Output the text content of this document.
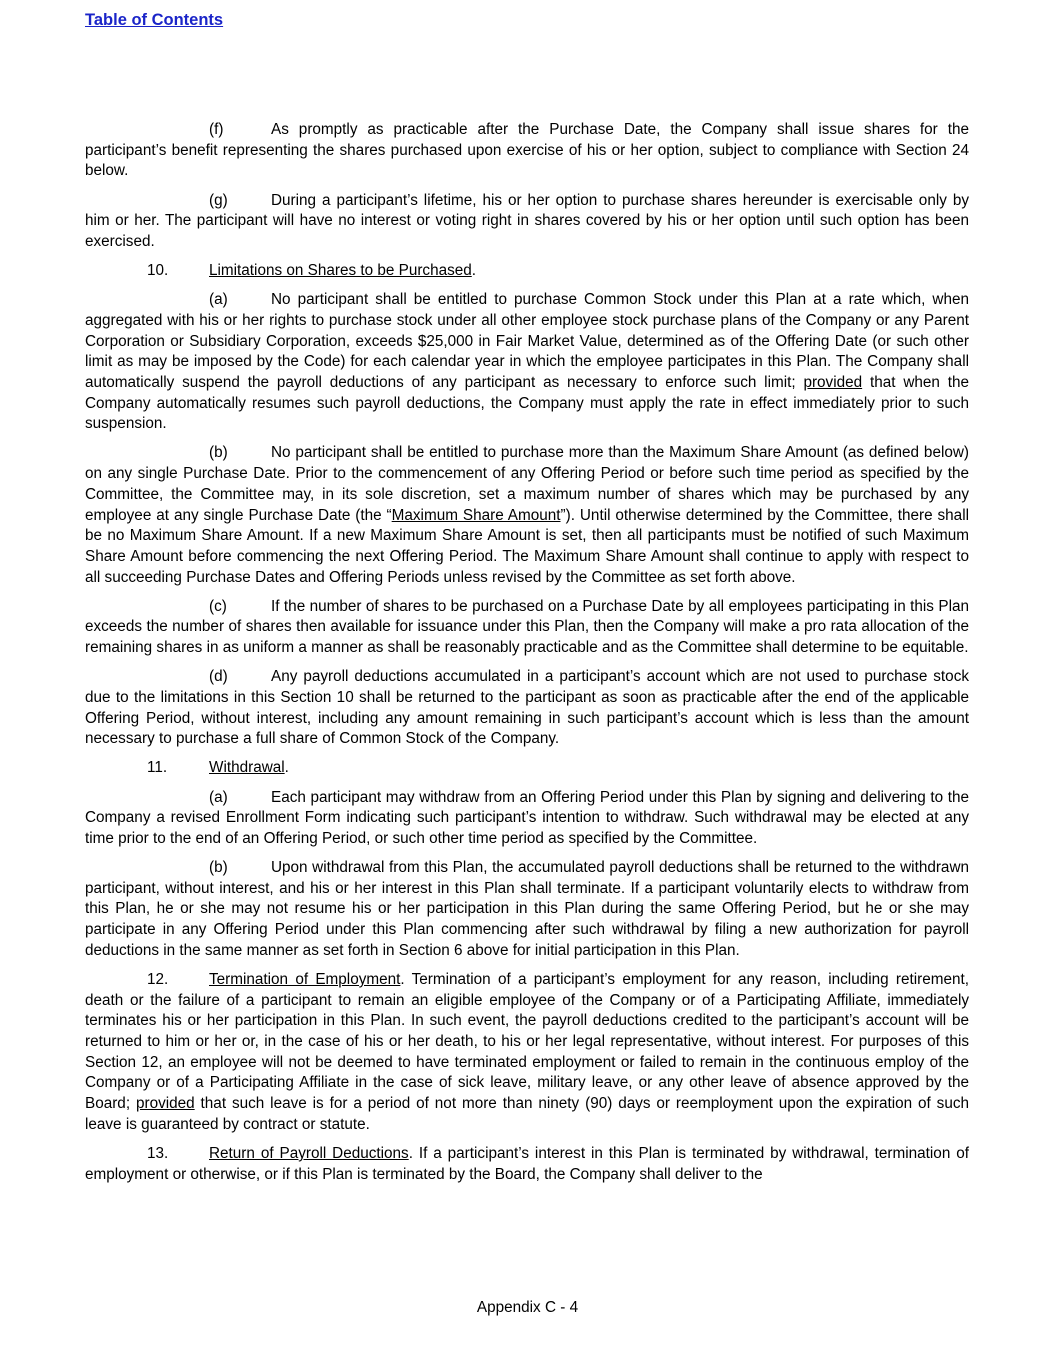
Table of Contents

(f)	As promptly as practicable after the Purchase Date, the Company shall issue shares for the participant’s benefit representing the shares purchased upon exercise of his or her option, subject to compliance with Section 24 below.

(g)	During a participant’s lifetime, his or her option to purchase shares hereunder is exercisable only by him or her. The participant will have no interest or voting right in shares covered by his or her option until such option has been exercised.

10.	Limitations on Shares to be Purchased.

(a)	No participant shall be entitled to purchase Common Stock under this Plan at a rate which, when aggregated with his or her rights to purchase stock under all other employee stock purchase plans of the Company or any Parent Corporation or Subsidiary Corporation, exceeds $25,000 in Fair Market Value, determined as of the Offering Date (or such other limit as may be imposed by the Code) for each calendar year in which the employee participates in this Plan. The Company shall automatically suspend the payroll deductions of any participant as necessary to enforce such limit; provided that when the Company automatically resumes such payroll deductions, the Company must apply the rate in effect immediately prior to such suspension.

(b)	No participant shall be entitled to purchase more than the Maximum Share Amount (as defined below) on any single Purchase Date. Prior to the commencement of any Offering Period or before such time period as specified by the Committee, the Committee may, in its sole discretion, set a maximum number of shares which may be purchased by any employee at any single Purchase Date (the “Maximum Share Amount”). Until otherwise determined by the Committee, there shall be no Maximum Share Amount. If a new Maximum Share Amount is set, then all participants must be notified of such Maximum Share Amount before commencing the next Offering Period. The Maximum Share Amount shall continue to apply with respect to all succeeding Purchase Dates and Offering Periods unless revised by the Committee as set forth above.

(c)	If the number of shares to be purchased on a Purchase Date by all employees participating in this Plan exceeds the number of shares then available for issuance under this Plan, then the Company will make a pro rata allocation of the remaining shares in as uniform a manner as shall be reasonably practicable and as the Committee shall determine to be equitable.

(d)	Any payroll deductions accumulated in a participant’s account which are not used to purchase stock due to the limitations in this Section 10 shall be returned to the participant as soon as practicable after the end of the applicable Offering Period, without interest, including any amount remaining in such participant’s account which is less than the amount necessary to purchase a full share of Common Stock of the Company.

11.	Withdrawal.

(a)	Each participant may withdraw from an Offering Period under this Plan by signing and delivering to the Company a revised Enrollment Form indicating such participant’s intention to withdraw. Such withdrawal may be elected at any time prior to the end of an Offering Period, or such other time period as specified by the Committee.

(b)	Upon withdrawal from this Plan, the accumulated payroll deductions shall be returned to the withdrawn participant, without interest, and his or her interest in this Plan shall terminate. If a participant voluntarily elects to withdraw from this Plan, he or she may not resume his or her participation in this Plan during the same Offering Period, but he or she may participate in any Offering Period under this Plan commencing after such withdrawal by filing a new authorization for payroll deductions in the same manner as set forth in Section 6 above for initial participation in this Plan.

12.	Termination of Employment. Termination of a participant’s employment for any reason, including retirement, death or the failure of a participant to remain an eligible employee of the Company or of a Participating Affiliate, immediately terminates his or her participation in this Plan. In such event, the payroll deductions credited to the participant’s account will be returned to him or her or, in the case of his or her death, to his or her legal representative, without interest. For purposes of this Section 12, an employee will not be deemed to have terminated employment or failed to remain in the continuous employ of the Company or of a Participating Affiliate in the case of sick leave, military leave, or any other leave of absence approved by the Board; provided that such leave is for a period of not more than ninety (90) days or reemployment upon the expiration of such leave is guaranteed by contract or statute.

13.	Return of Payroll Deductions. If a participant’s interest in this Plan is terminated by withdrawal, termination of employment or otherwise, or if this Plan is terminated by the Board, the Company shall deliver to the

Appendix C - 4
